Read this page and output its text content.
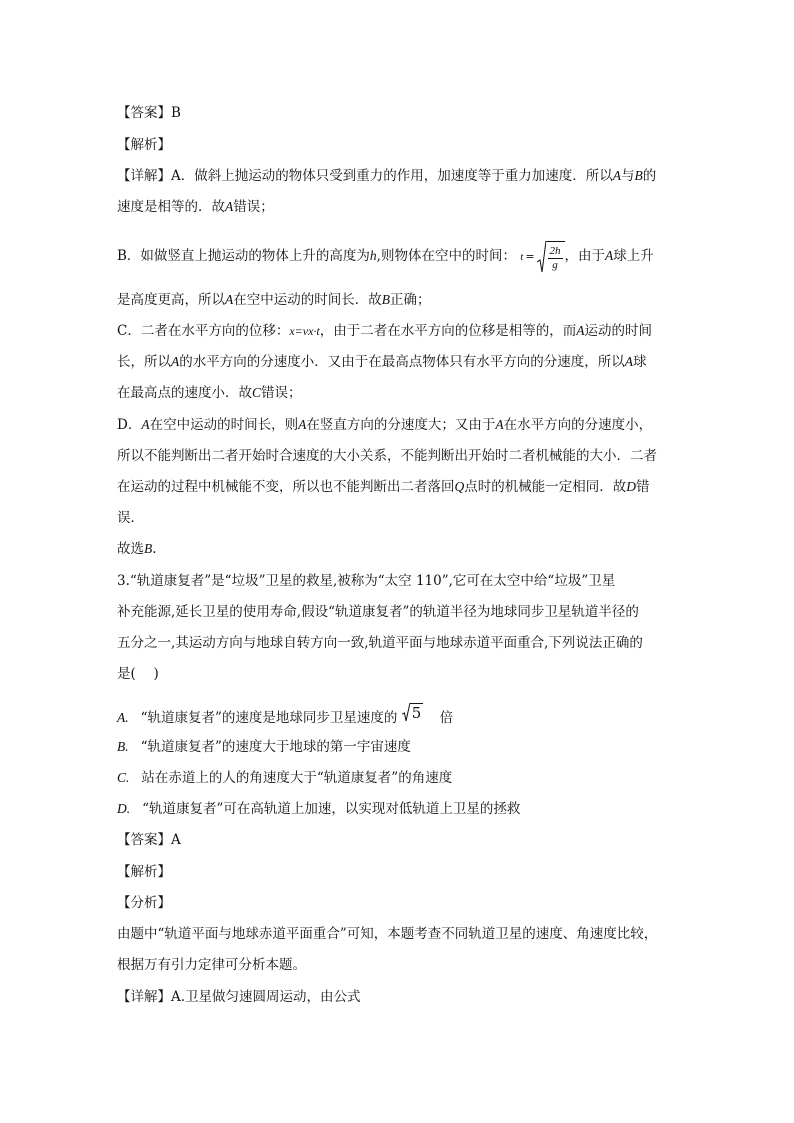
【答案】B
【解析】
【详解】A．做斜上抛运动的物体只受到重力的作用，加速度等于重力加速度．所以A与B的
速度是相等的．故A错误；
B．如做竖直上抛运动的物体上升的高度为h,则物体在空中的时间： $t = \frac{2h}{g}$ ，由于A球上升
是高度更高，所以A在空中运动的时间长．故B正确；
C．二者在水平方向的位移：x=vx·t，由于二者在水平方向的位移是相等的，而A运动的时间
长，所以A的水平方向的分速度小．又由于在最高点物体只有水平方向的分速度，所以A球
在最高点的速度小．故C错误；
D．A在空中运动的时间长，则A在竖直方向的分速度大；又由于A在水平方向的分速度小，
所以不能判断出二者开始时合速度的大小关系，不能判断出开始时二者机械能的大小．二者
在运动的过程中机械能不变，所以也不能判断出二者落回Q点时的机械能一定相同．故D错
误．
故选B.
3.“轨道康复者”是“垃圾”卫星的救星,被称为“太空 110”,它可在太空中给“垃圾”卫星
补充能源,延长卫星的使用寿命,假设“轨道康复者”的轨道半径为地球同步卫星轨道半径的
五分之一,其运动方向与地球自转方向一致,轨道平面与地球赤道平面重合,下列说法正确的
是(　 )
A. “轨道康复者”的速度是地球同步卫星速度的 5 倍
B. “轨道康复者”的速度大于地球的第一宇宙速度
C. 站在赤道上的人的角速度大于“轨道康复者”的角速度
D. “轨道康复者”可在高轨道上加速，以实现对低轨道上卫星的拯救
【答案】A
【解析】
【分析】
由题中“轨道平面与地球赤道平面重合”可知，本题考查不同轨道卫星的速度、角速度比较，
根据万有引力定律可分析本题。
【详解】A.卫星做匀速圆周运动，由公式
